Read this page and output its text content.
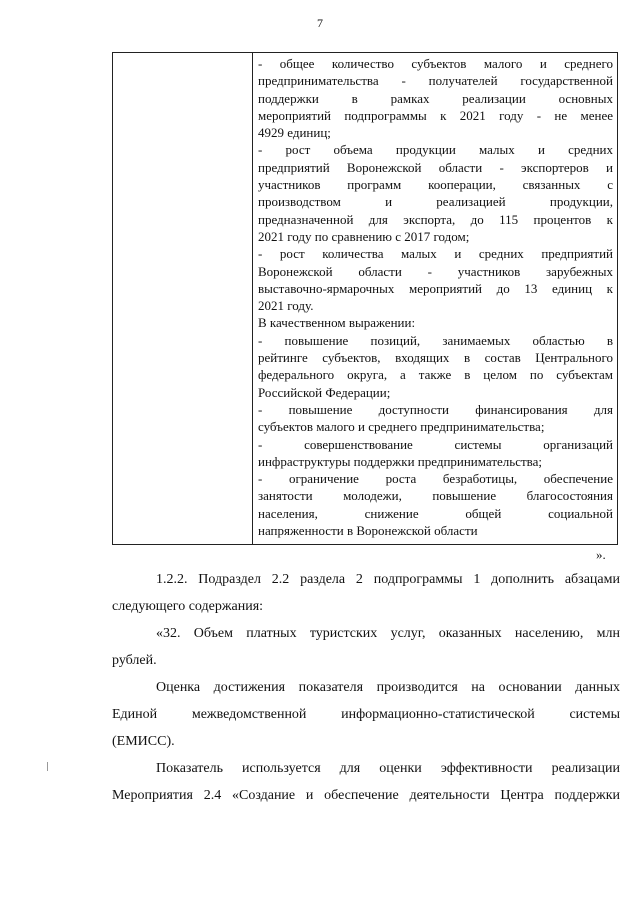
7
- общее количество субъектов малого и среднего
предпринимательства - получателей государственной
поддержки в рамках реализации основных
мероприятий подпрограммы к 2021 году - не менее
4929 единиц;
- рост объема продукции малых и средних
предприятий Воронежской области - экспортеров и
участников программ кооперации, связанных с
производством и реализацией продукции,
предназначенной для экспорта, до 115 процентов к
2021 году по сравнению с 2017 годом;
- рост количества малых и средних предприятий
Воронежской области - участников зарубежных
выставочно-ярмарочных мероприятий до 13 единиц к
2021 году.
В качественном выражении:
- повышение позиций, занимаемых областью в
рейтинге субъектов, входящих в состав Центрального
федерального округа, а также в целом по субъектам
Российской Федерации;
- повышение доступности финансирования для
субъектов малого и среднего предпринимательства;
- совершенствование системы организаций
инфраструктуры поддержки предпринимательства;
- ограничение роста безработицы, обеспечение
занятости молодежи, повышение благосостояния
населения, снижение общей социальной
напряженности в Воронежской области
».
1.2.2. Подраздел 2.2 раздела 2 подпрограммы 1 дополнить абзацами
следующего содержания:
«32. Объем платных туристских услуг, оказанных населению, млн
рублей.
Оценка достижения показателя производится на основании данных
Единой межведомственной информационно-статистической системы
(ЕМИСС).
Показатель используется для оценки эффективности реализации
Мероприятия 2.4 «Создание и обеспечение деятельности Центра поддержки
